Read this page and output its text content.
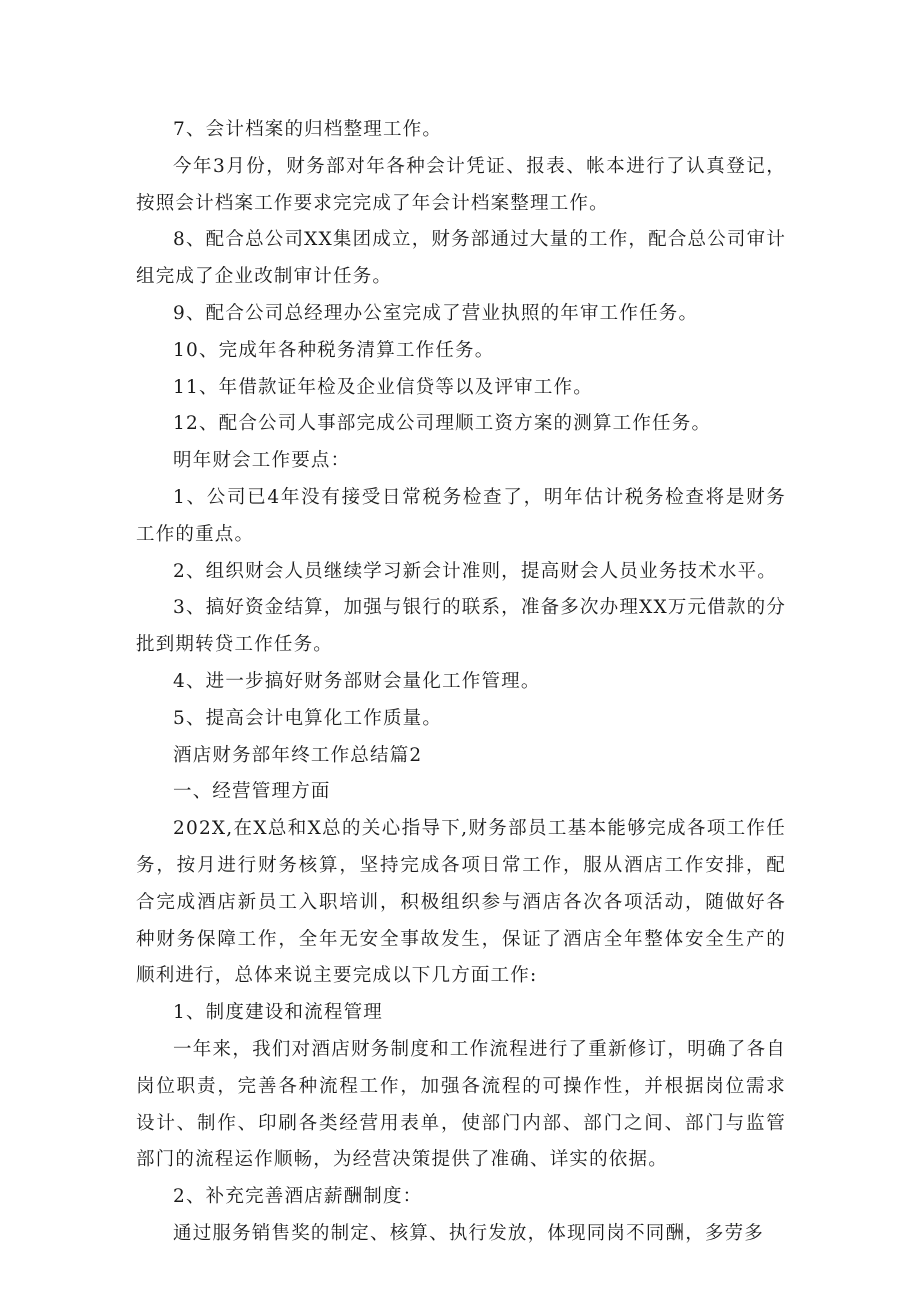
7、会计档案的归档整理工作。

今年3月份，财务部对年各种会计凭证、报表、帐本进行了认真登记，按照会计档案工作要求完完成了年会计档案整理工作。

8、配合总公司XX集团成立，财务部通过大量的工作，配合总公司审计组完成了企业改制审计任务。

9、配合公司总经理办公室完成了营业执照的年审工作任务。

10、完成年各种税务清算工作任务。

11、年借款证年检及企业信贷等以及评审工作。

12、配合公司人事部完成公司理顺工资方案的测算工作任务。

明年财会工作要点：

1、公司已4年没有接受日常税务检查了，明年估计税务检查将是财务工作的重点。

2、组织财会人员继续学习新会计准则，提高财会人员业务技术水平。

3、搞好资金结算，加强与银行的联系，准备多次办理XX万元借款的分批到期转贷工作任务。

4、进一步搞好财务部财会量化工作管理。

5、提高会计电算化工作质量。

酒店财务部年终工作总结篇2

一、经营管理方面

202X,在X总和X总的关心指导下,财务部员工基本能够完成各项工作任务，按月进行财务核算，坚持完成各项日常工作，服从酒店工作安排，配合完成酒店新员工入职培训，积极组织参与酒店各次各项活动，随做好各种财务保障工作，全年无安全事故发生，保证了酒店全年整体安全生产的顺利进行，总体来说主要完成以下几方面工作:

1、制度建设和流程管理

一年来，我们对酒店财务制度和工作流程进行了重新修订，明确了各自岗位职责，完善各种流程工作，加强各流程的可操作性，并根据岗位需求设计、制作、印刷各类经营用表单，使部门内部、部门之间、部门与监管部门的流程运作顺畅，为经营决策提供了准确、详实的依据。

2、补充完善酒店薪酬制度：

通过服务销售奖的制定、核算、执行发放，体现同岗不同酬，多劳多
